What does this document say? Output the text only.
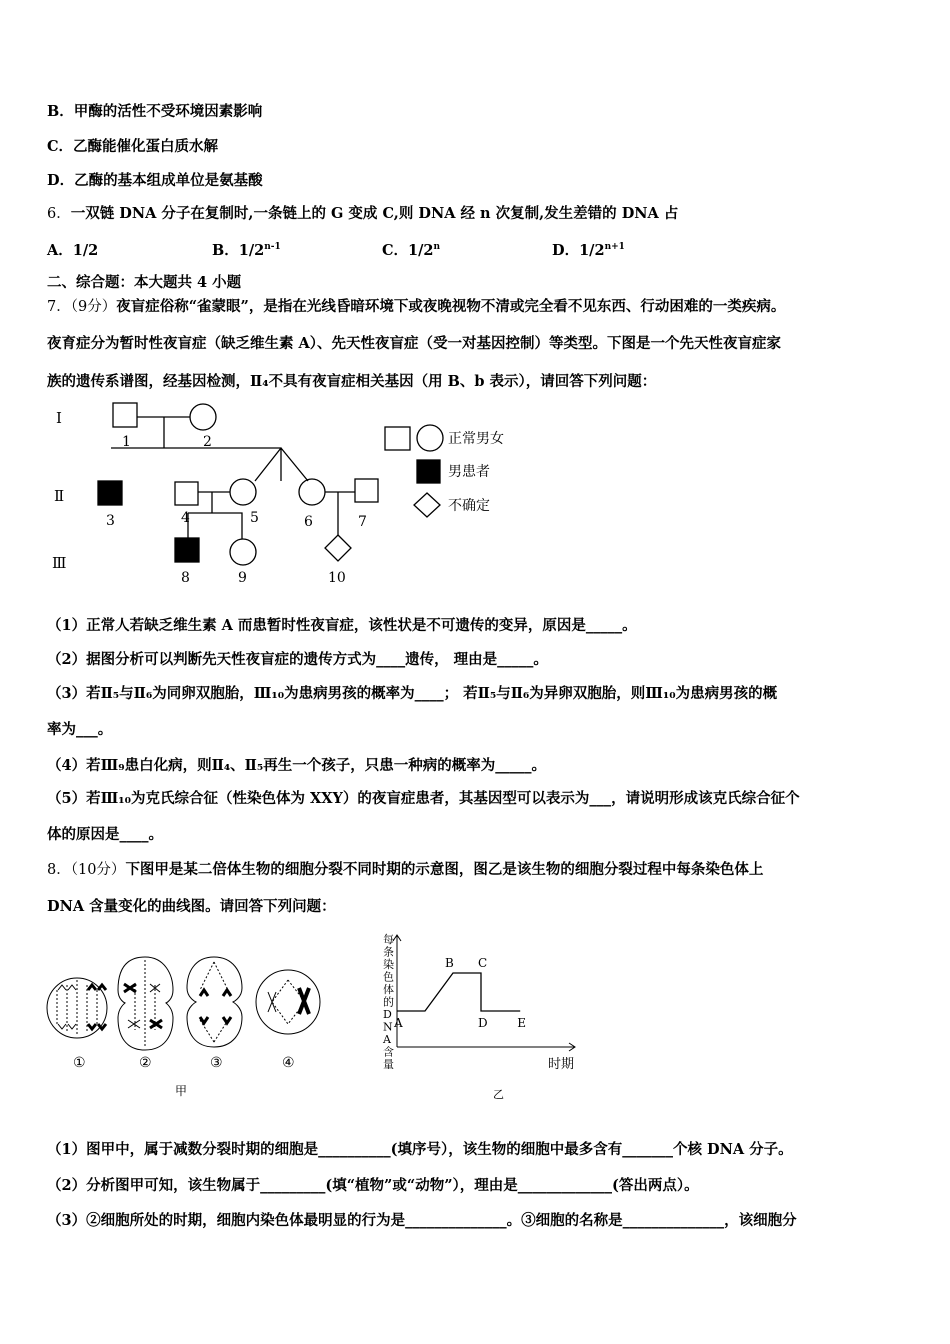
B．甲酶的活性不受环境因素影响
C．乙酶能催化蛋白质水解
D．乙酶的基本组成单位是氨基酸
6．一双链 DNA 分子在复制时,一条链上的 G 变成 C,则 DNA 经 n 次复制,发生差错的 DNA 占
A．1/2	B．1/2$^{n-1}$	C．1/2$^n$	D．$1/2^{n+1}$
二、综合题：本大题共 4 小题
7．（9分）夜盲症俗称“雀蒙眼”，是指在光线昏暗环境下或夜晚视物不清或完全看不见东西、行动困难的一类疾病。
夜育症分为暂时性夜盲症（缺乏维生素 A）、先天性夜盲症（受一对基因控制）等类型。下图是一个先天性夜盲症家
族的遗传系谱图，经基因检测，Ⅱ₄不具有夜盲症相关基因（用 B、b 表示），请回答下列问题：
Ⅰ
Ⅱ
Ⅲ
1	2
3	4	5	6	7
8	9	10
正常男女
男患者
不确定
（1）正常人若缺乏维生素 A 而患暂时性夜盲症，该性状是不可遗传的变异，原因是_____。
（2）据图分析可以判断先天性夜盲症的遗传方式为____遗传， 理由是_____。
（3）若Ⅱ₅与Ⅱ₆为同卵双胞胎，Ⅲ₁₀为患病男孩的概率为____； 若Ⅱ₅与Ⅱ₆为异卵双胞胎，则Ⅲ₁₀为患病男孩的概
率为___。
（4）若Ⅲ₉患白化病，则Ⅱ₄、Ⅱ₅再生一个孩子，只患一种病的概率为_____。
（5）若Ⅲ₁₀为克氏综合征（性染色体为 XXY）的夜盲症患者，其基因型可以表示为___，请说明形成该克氏综合征个
体的原因是____。
8．（10分）下图甲是某二倍体生物的细胞分裂不同时期的示意图，图乙是该生物的细胞分裂过程中每条染色体上
DNA 含量变化的曲线图。请回答下列问题：
①	②	③	④
甲
每
条
染
色
体
的
D
N
A
含
量	时期
乙
A
B C
D E
（1）图甲中，属于减数分裂时期的细胞是__________(填序号），该生物的细胞中最多含有_______个核 DNA 分子。
（2）分析图甲可知，该生物属于_________(填“植物”或“动物”），理由是_____________(答出两点）。
（3）②细胞所处的时期，细胞内染色体最明显的行为是______________。③细胞的名称是______________，该细胞分
